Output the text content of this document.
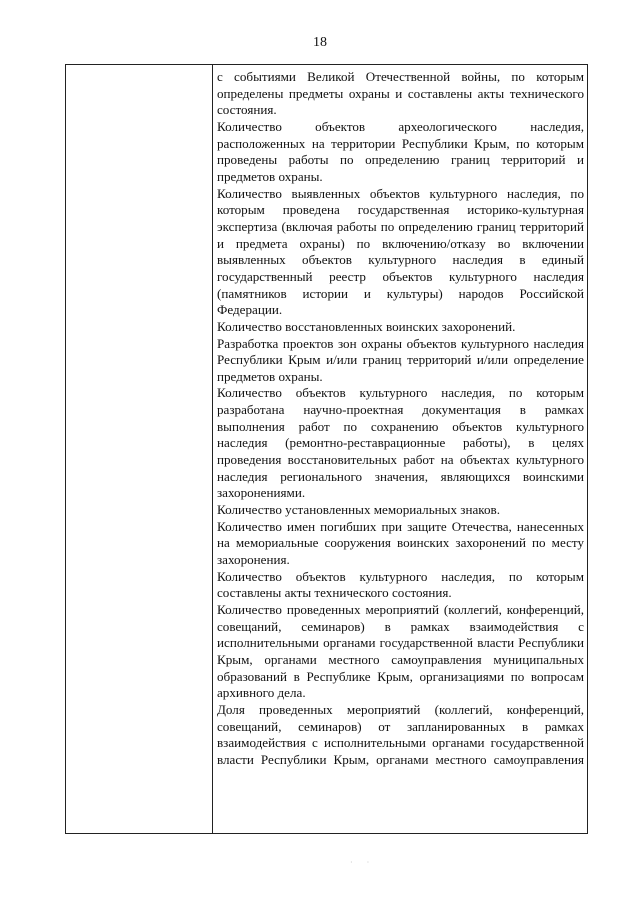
18

с событиями Великой Отечественной войны, по которым определены предметы охраны и составлены акты технического состояния.

Количество объектов археологического наследия, расположенных на территории Республики Крым, по которым проведены работы по определению границ территорий и предметов охраны.

Количество выявленных объектов культурного наследия, по которым проведена государственная историко-культурная экспертиза (включая работы по определению границ территорий и предмета охраны) по включению/отказу во включении выявленных объектов культурного наследия в единый государственный реестр объектов культурного наследия (памятников истории и культуры) народов Российской Федерации.

Количество восстановленных воинских захоронений.

Разработка проектов зон охраны объектов культурного наследия Республики Крым и/или границ территорий и/или определение предметов охраны.

Количество объектов культурного наследия, по которым разработана научно-проектная документация в рамках выполнения работ по сохранению объектов культурного наследия (ремонтно-реставрационные работы), в целях проведения восстановительных работ на объектах культурного наследия регионального значения, являющихся воинскими захоронениями.

Количество установленных мемориальных знаков.

Количество имен погибших при защите Отечества, нанесенных на мемориальные сооружения воинских захоронений по месту захоронения.

Количество объектов культурного наследия, по которым составлены акты технического состояния.

Количество проведенных мероприятий (коллегий, конференций, совещаний, семинаров) в рамках взаимодействия с исполнительными органами государственной власти Республики Крым, органами местного самоуправления муниципальных образований в Республике Крым, организациями по вопросам архивного дела.

Доля проведенных мероприятий (коллегий, конференций, совещаний, семинаров) от запланированных в рамках взаимодействия с исполнительными органами государственной власти Республики Крым, органами местного самоуправления

· ·
